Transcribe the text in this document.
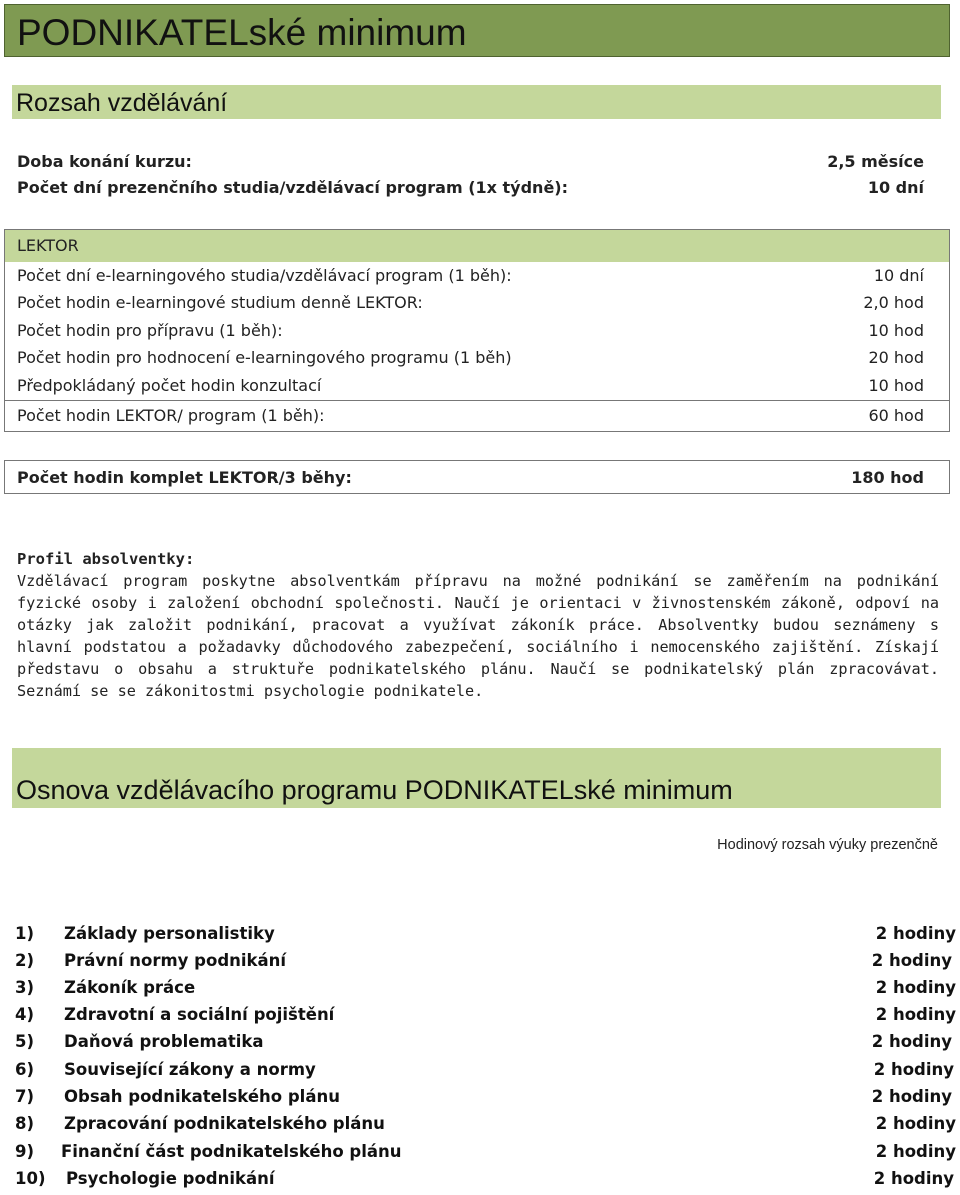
PODNIKATELské minimum
Rozsah vzdělávání
Doba konání kurzu:	2,5 měsíce
Počet dní prezenčního studia/vzdělávací program (1x týdně):	10 dní
LEKTOR
Počet dní e-learningového studia/vzdělávací program (1 běh):	10 dní
Počet hodin e-learningové studium denně LEKTOR:	2,0 hod
Počet hodin pro přípravu (1 běh):	10 hod
Počet hodin pro hodnocení e-learningového programu (1 běh)	20 hod
Předpokládaný počet hodin konzultací	10 hod
Počet hodin LEKTOR/ program (1 běh):	60 hod
Počet hodin komplet LEKTOR/3 běhy:	180 hod
Profil absolventky:
Vzdělávací program poskytne absolventkám přípravu na možné podnikání se zaměřením na podnikání fyzické osoby i založení obchodní společnosti. Naučí je orientaci v živnostenském zákoně, odpoví na otázky jak založit podnikání, pracovat a využívat zákoník práce. Absolventky budou seznámeny s hlavní podstatou a požadavky důchodového zabezpečení, sociálního i nemocenského zajištění. Získají představu o obsahu a struktuře podnikatelského plánu. Naučí se podnikatelský plán zpracovávat. Seznámí se se zákonitostmi psychologie podnikatele.
Osnova vzdělávacího programu PODNIKATELské minimum
Hodinový rozsah výuky prezenčně
1) Základy personalistiky	2 hodiny
2) Právní normy podnikání	2 hodiny
3) Zákoník práce	2 hodiny
4) Zdravotní a sociální pojištění	2 hodiny
5) Daňová problematika	2 hodiny
6) Související zákony a normy	2 hodiny
7) Obsah podnikatelského plánu	2 hodiny
8) Zpracování podnikatelského plánu	2 hodiny
9) Finanční část podnikatelského plánu	2 hodiny
10) Psychologie podnikání	2 hodiny
